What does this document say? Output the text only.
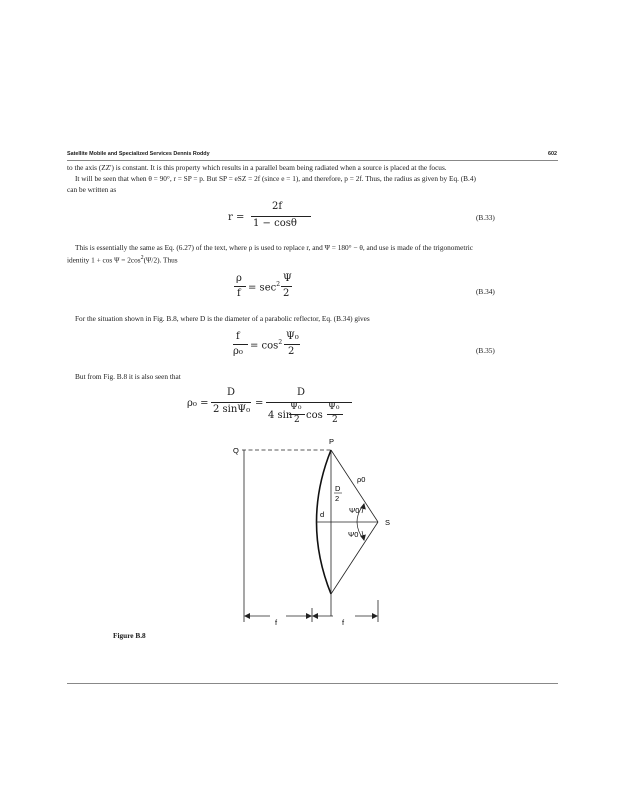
Satellite Mobile and Specialized Services Dennis Roddy	602
to the axis (ZZ') is constant. It is this property which results in a parallel beam being radiated when a source is placed at the focus.
It will be seen that when θ = 90°, r = SP = p. But SP = eSZ = 2f (since e = 1), and therefore, p = 2f. Thus, the radius as given by Eq. (B.4)
can be written as
r =
2f
1 − cosθ
(B.33)
This is essentially the same as Eq. (6.27) of the text, where ρ is used to replace r, and Ψ = 180° − θ, and use is made of the trigonometric
identity $1 + \cos \Psi = 2\cos^2(\Psi/2)$. Thus
ρ
f
= $\sec^2$
Ψ
2	(B.34)
For the situation shown in Fig. B.8, where D is the diameter of a parabolic reflector, Eq. (B.34) gives
f
ρ₀
= $\cos^2$
Ψ₀
2	(B.35)
But from Fig. B.8 it is also seen that
ρ₀ =
D
2 sinΨ₀
=
D
4 sin
Ψ₀
2 cos
Ψ₀
2
Q
P
S
ρ0
D
2
d	Ψ0
Ψ0
f	f
Figure B.8
